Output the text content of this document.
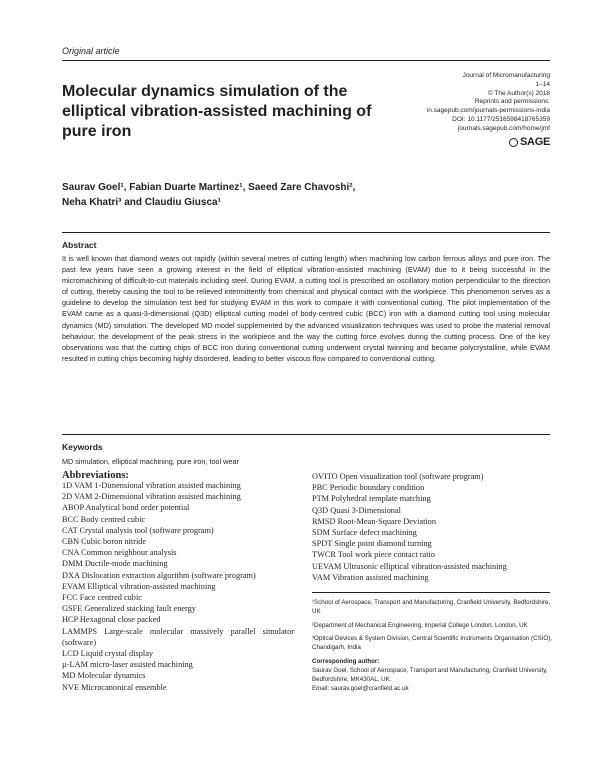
Original article
Molecular dynamics simulation of the elliptical vibration-assisted machining of pure iron
Journal of Micromanufacturing
1–14
© The Author(s) 2018
Reprints and permissions:
in.sagepub.com/journals-permissions-india
DOI: 10.1177/2516598418765359
journals.sagepub.com/home/jmf
SAGE
Saurav Goel¹, Fabian Duarte Martinez¹, Saeed Zare Chavoshi²,
Neha Khatri³ and Claudiu Giusca¹
Abstract
It is well known that diamond wears out rapidly (within several metres of cutting length) when machining low carbon ferrous alloys and pure iron. The past few years have seen a growing interest in the field of elliptical vibration-assisted machining (EVAM) due to it being successful in the micromachining of difficult-to-cut materials including steel. During EVAM, a cutting tool is prescribed an oscillatory motion perpendicular to the direction of cutting, thereby causing the tool to be relieved intermittently from chemical and physical contact with the workpiece. This phenomenon serves as a guideline to develop the simulation test bed for studying EVAM in this work to compare it with conventional cutting. The pilot implementation of the EVAM came as a quasi-3-dimensional (Q3D) elliptical cutting model of body-centred cubic (BCC) iron with a diamond cutting tool using molecular dynamics (MD) simulation. The developed MD model supplemented by the advanced visualization techniques was used to probe the material removal behaviour, the development of the peak stress in the workpiece and the way the cutting force evolves during the cutting process. One of the key observations was that the cutting chips of BCC iron during conventional cutting underwent crystal twinning and became polycrystalline, while EVAM resulted in cutting chips becoming highly disordered, leading to better viscous flow compared to conventional cutting.
Keywords
MD simulation, elliptical machining, pure iron, tool wear
Abbreviations:
1D VAM 1-Dimensional vibration assisted machining
2D VAM 2-Dimensional vibration assisted machining
ABOP Analytical bond order potential
BCC Body centred cubic
CAT Crystal analysis tool (software program)
CBN Cubic boron nitride
CNA Common neighbour analysis
DMM Ductile-mode machining
DXA Dislocation extraction algorithm (software program)
EVAM Elliptical vibration-assisted machining
FCC Face centred cubic
GSFE Generalized stacking fault energy
HCP Hexagonal close packed
LAMMPS Large-scale molecular massively parallel simulator (software)
LCD Liquid crystal display
µ-LAM micro-laser assisted machining
MD Molecular dynamics
NVE Microcanonical ensemble
OVITO Open visualization tool (software program)
PBC Periodic boundary condition
PTM Polyhedral template matching
Q3D Quasi 3-Dimensional
RMSD Root-Mean-Square Deviation
SDM Surface defect machining
SPDT Single point diamond turning
TWCR Tool work piece contact ratio
UEVAM Ultrasonic elliptical vibration-assisted machining
VAM Vibration assisted machining

¹School of Aerospace, Transport and Manufacturing, Cranfield University, Bedfordshire, UK

²Department of Mechanical Engineering, Imperial College London, London, UK

³Optical Devices & System Division, Central Scientific Instruments Organisation (CSIO), Chandigarh, India

Corresponding author:
Saurav Goel, School of Aerospace, Transport and Manufacturing, Cranfield University, Bedfordshire, MK430AL, UK.
Email: saurav.goel@cranfield.ac.uk
